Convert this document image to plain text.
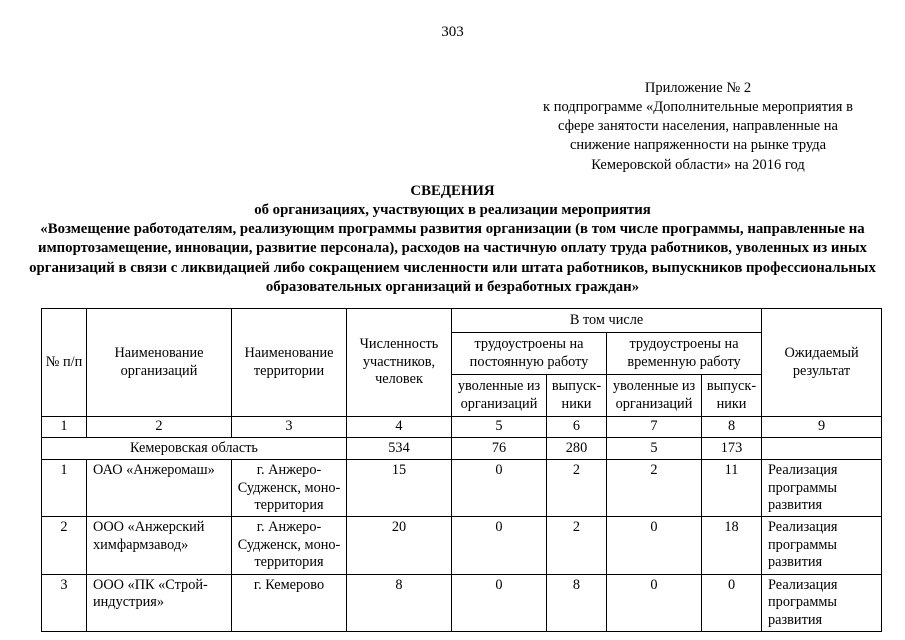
303
Приложение № 2
к подпрограмме «Дополнительные мероприятия в
сфере занятости населения, направленные на
снижение напряженности на рынке труда
Кемеровской области» на 2016 год
СВЕДЕНИЯ
об организациях, участвующих в реализации мероприятия
«Возмещение работодателям, реализующим программы развития организации (в том числе программы, направленные на импортозамещение, инновации, развитие персонала), расходов на частичную оплату труда работников, уволенных из иных организаций в связи с ликвидацией либо сокращением численности или штата работников, выпускников профессиональных образовательных организаций и безработных граждан»
№ п/п	Наименование организаций	Наименование территории	Численность участников, человек	В том числе				Ожидаемый результат
				трудоустроены на постоянную работу		трудоустроены на временную работу		
				уволенные из организаций	выпуск-ники	уволенные из организаций	выпуск-ники	
1	2	3	4	5	6	7	8	9
Кемеровская область			534	76	280	5	173	
1	ОАО «Анжеромаш»	г. Анжеро-Судженск, моно-территория	15	0	2	2	11	Реализация программы развития
2	ООО «Анжерский химфармзавод»	г. Анжеро-Судженск, моно-территория	20	0	2	0	18	Реализация программы развития
3	ООО «ПК «Строй-индустрия»	г. Кемерово	8	0	8	0	0	Реализация программы развития
